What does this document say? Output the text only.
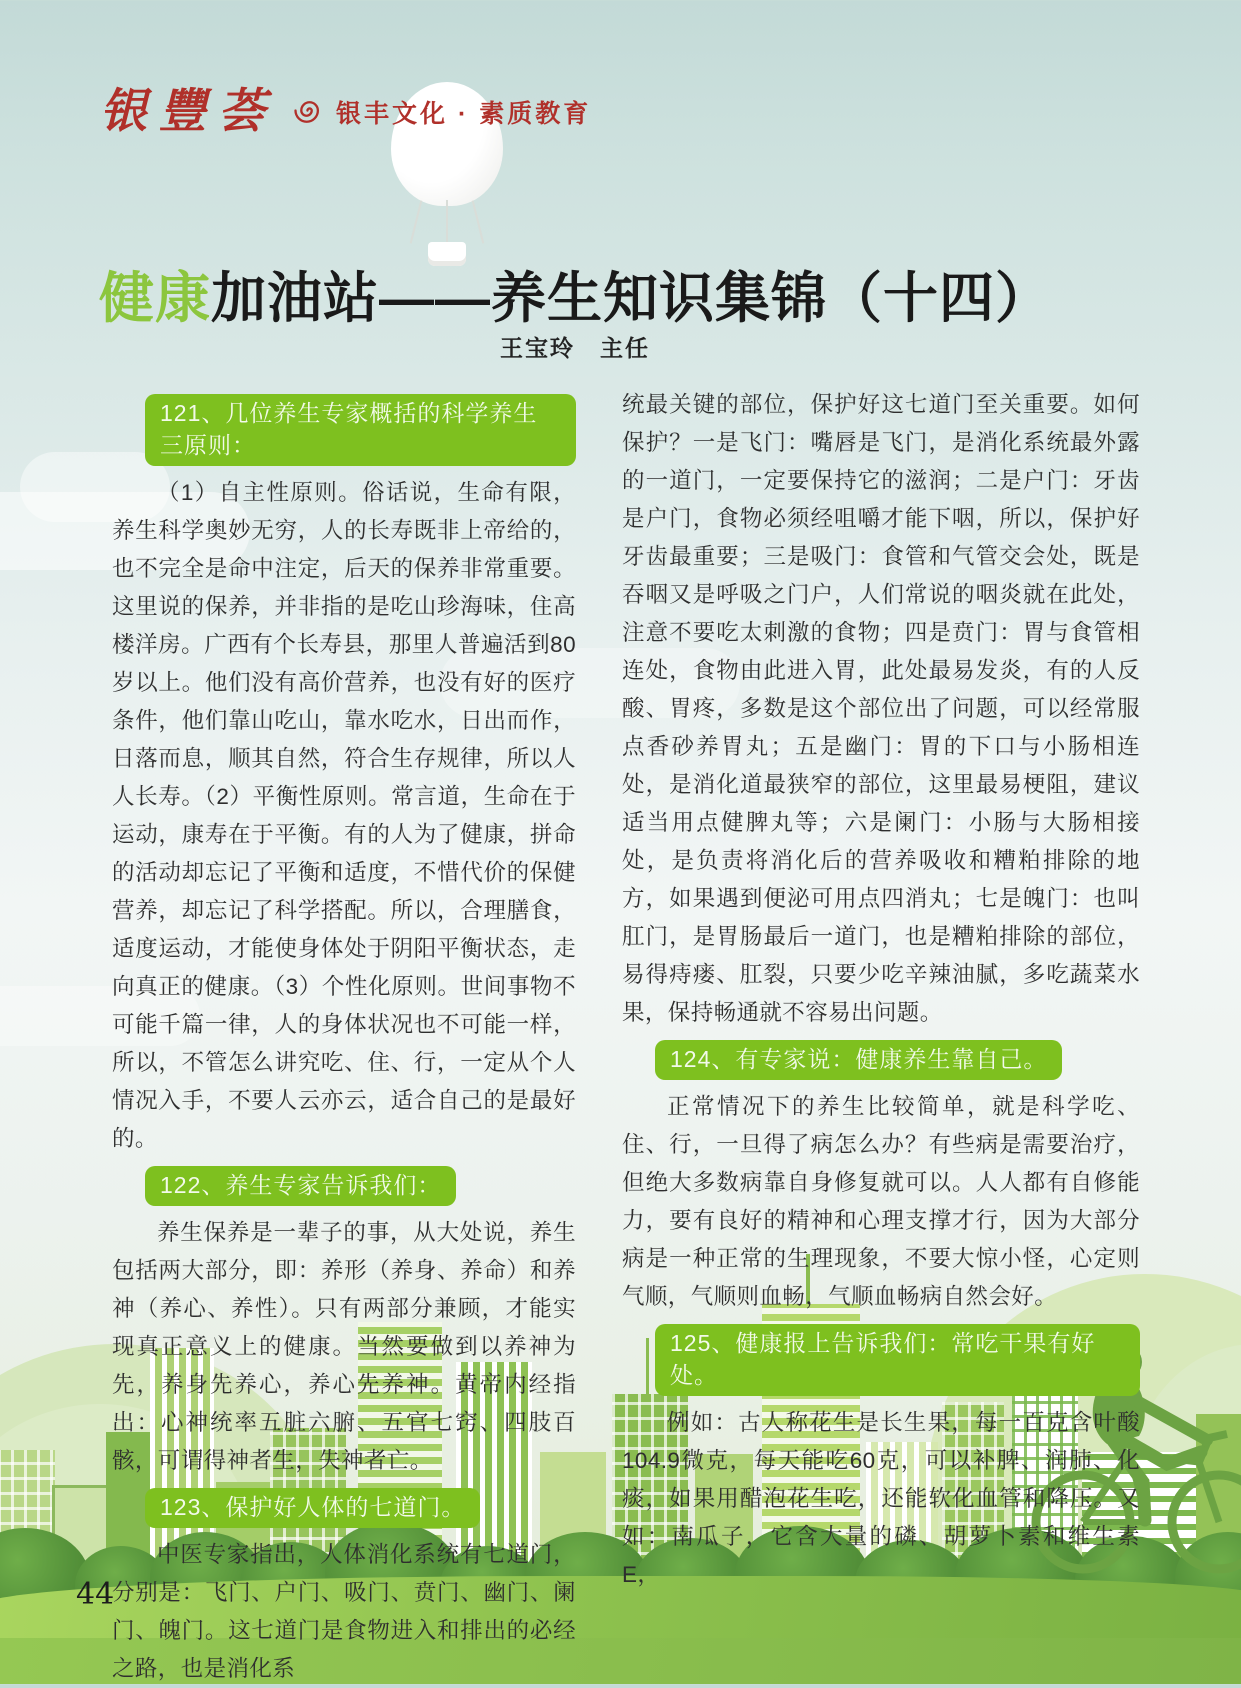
银豐荟 银丰文化 · 素质教育
健康加油站——养生知识集锦（十四）
王宝玲　主任
121、几位养生专家概括的科学养生三原则：

（1）自主性原则。俗话说，生命有限，养生科学奥妙无穷，人的长寿既非上帝给的，也不完全是命中注定，后天的保养非常重要。这里说的保养，并非指的是吃山珍海味，住高楼洋房。广西有个长寿县，那里人普遍活到80岁以上。他们没有高价营养，也没有好的医疗条件，他们靠山吃山，靠水吃水，日出而作，日落而息，顺其自然，符合生存规律，所以人人长寿。（2）平衡性原则。常言道，生命在于运动，康寿在于平衡。有的人为了健康，拼命的活动却忘记了平衡和适度，不惜代价的保健营养，却忘记了科学搭配。所以，合理膳食，适度运动，才能使身体处于阴阳平衡状态，走向真正的健康。（3）个性化原则。世间事物不可能千篇一律，人的身体状况也不可能一样，所以，不管怎么讲究吃、住、行，一定从个人情况入手，不要人云亦云，适合自己的是最好的。

122、养生专家告诉我们：

养生保养是一辈子的事，从大处说，养生包括两大部分，即：养形（养身、养命）和养神（养心、养性）。只有两部分兼顾，才能实现真正意义上的健康。当然要做到以养神为先，养身先养心，养心先养神。黄帝内经指出：心神统率五脏六腑、五官七窍、四肢百骸，可谓得神者生，失神者亡。

123、保护好人体的七道门。

中医专家指出，人体消化系统有七道门，分别是：飞门、户门、吸门、贲门、幽门、阑门、魄门。这七道门是食物进入和排出的必经之路，也是消化系

统最关键的部位，保护好这七道门至关重要。如何保护？一是飞门：嘴唇是飞门，是消化系统最外露的一道门，一定要保持它的滋润；二是户门：牙齿是户门，食物必须经咀嚼才能下咽，所以，保护好牙齿最重要；三是吸门：食管和气管交会处，既是吞咽又是呼吸之门户，人们常说的咽炎就在此处，注意不要吃太刺激的食物；四是贲门：胃与食管相连处，食物由此进入胃，此处最易发炎，有的人反酸、胃疼，多数是这个部位出了问题，可以经常服点香砂养胃丸；五是幽门：胃的下口与小肠相连处，是消化道最狭窄的部位，这里最易梗阻，建议适当用点健脾丸等；六是阑门：小肠与大肠相接处，是负责将消化后的营养吸收和糟粕排除的地方，如果遇到便泌可用点四消丸；七是魄门：也叫肛门，是胃肠最后一道门，也是糟粕排除的部位，易得痔瘘、肛裂，只要少吃辛辣油腻，多吃蔬菜水果，保持畅通就不容易出问题。

124、有专家说：健康养生靠自己。

正常情况下的养生比较简单，就是科学吃、住、行，一旦得了病怎么办？有些病是需要治疗，但绝大多数病靠自身修复就可以。人人都有自修能力，要有良好的精神和心理支撑才行，因为大部分病是一种正常的生理现象，不要大惊小怪，心定则气顺，气顺则血畅，气顺血畅病自然会好。

125、健康报上告诉我们：常吃干果有好处。

例如：古人称花生是长生果，每一百克含叶酸104.9微克，每天能吃60克，可以补脾、润肺、化痰，如果用醋泡花生吃，还能软化血管和降压。又如：南瓜子，它含大量的磷、胡萝卜素和维生素E，

44
